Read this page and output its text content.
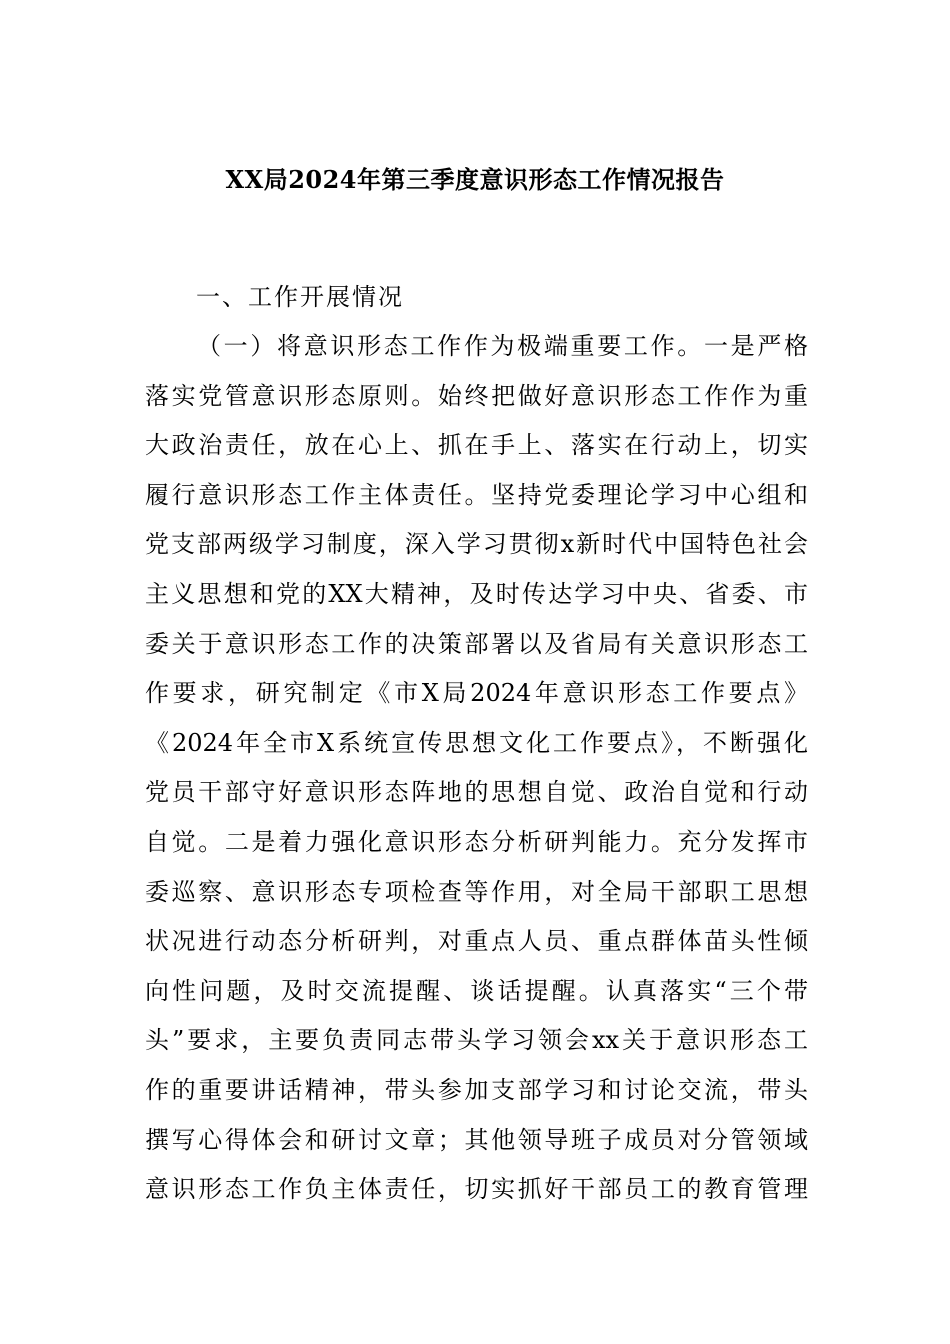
XX局2024年第三季度意识形态工作情况报告

一、工作开展情况

（一）将意识形态工作作为极端重要工作。一是严格
落实党管意识形态原则。始终把做好意识形态工作作为重
大政治责任，放在心上、抓在手上、落实在行动上，切实
履行意识形态工作主体责任。坚持党委理论学习中心组和
党支部两级学习制度，深入学习贯彻x新时代中国特色社会
主义思想和党的XX大精神，及时传达学习中央、省委、市
委关于意识形态工作的决策部署以及省局有关意识形态工
作要求，研究制定《市X局2024年意识形态工作要点》
《2024年全市X系统宣传思想文化工作要点》，不断强化
党员干部守好意识形态阵地的思想自觉、政治自觉和行动
自觉。二是着力强化意识形态分析研判能力。充分发挥市
委巡察、意识形态专项检查等作用，对全局干部职工思想
状况进行动态分析研判，对重点人员、重点群体苗头性倾
向性问题，及时交流提醒、谈话提醒。认真落实“三个带
头”要求，主要负责同志带头学习领会xx关于意识形态工
作的重要讲话精神，带头参加支部学习和讨论交流，带头
撰写心得体会和研讨文章；其他领导班子成员对分管领域
意识形态工作负主体责任，切实抓好干部员工的教育管理
